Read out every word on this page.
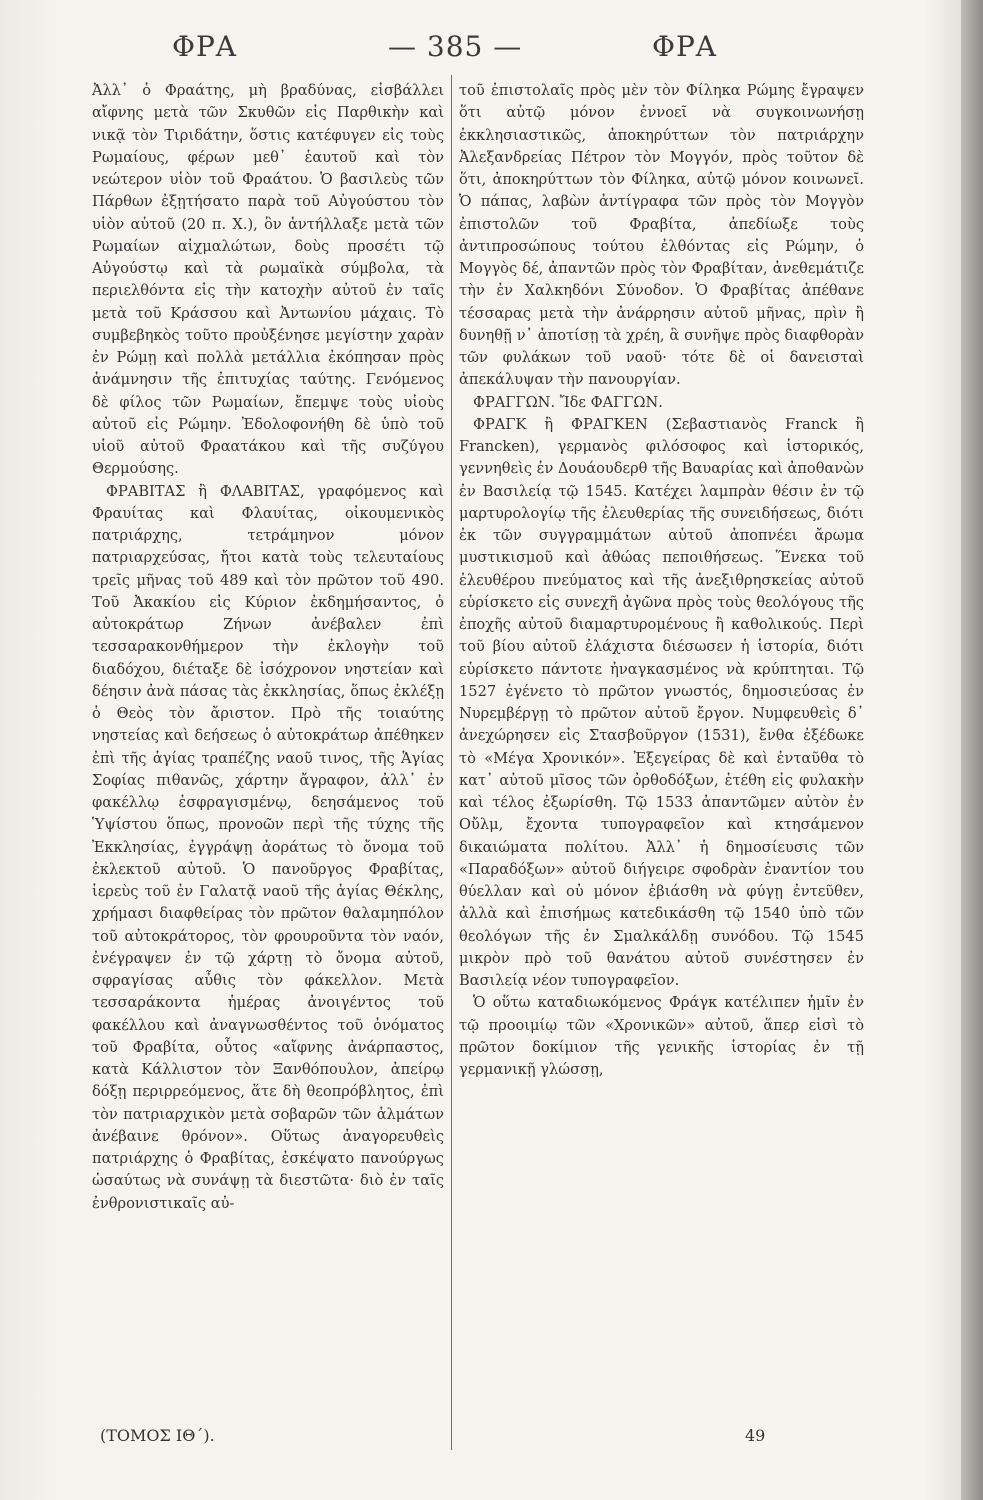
ΦΡΑ	— 385 —	ΦΡΑ

Ἀλλ᾽ ὁ Φραάτης, μὴ βραδύνας, εἰσβάλλει αἴφνης μετὰ τῶν Σκυθῶν εἰς Παρθικὴν καὶ νικᾷ τὸν Τιριδάτην, ὅστις κατέφυγεν εἰς τοὺς Ρωμαίους, φέρων μεθ᾽ ἑαυτοῦ καὶ τὸν νεώτερον υἱὸν τοῦ Φραάτου. Ὁ βασιλεὺς τῶν Πάρθων ἐξῃτήσατο παρὰ τοῦ Αὐγούστου τὸν υἱὸν αὐτοῦ (20 π. Χ.), ὃν ἀντήλλαξε μετὰ τῶν Ρωμαίων αἰχμαλώτων, δοὺς προσέτι τῷ Αὐγούστῳ καὶ τὰ ρωμαϊκὰ σύμβολα, τὰ περιελθόντα εἰς τὴν κατοχὴν αὐτοῦ ἐν ταῖς μετὰ τοῦ Κράσσου καὶ Ἀντωνίου μάχαις. Τὸ συμβεβηκὸς τοῦτο προὐξένησε μεγίστην χαρὰν ἐν Ρώμῃ καὶ πολλὰ μετάλλια ἐκόπησαν πρὸς ἀνάμνησιν τῆς ἐπιτυχίας ταύτης. Γενόμενος δὲ φίλος τῶν Ρωμαίων, ἔπεμψε τοὺς υἱοὺς αὐτοῦ εἰς Ρώμην. Ἐδολοφονήθη δὲ ὑπὸ τοῦ υἱοῦ αὐτοῦ Φραατάκου καὶ τῆς συζύγου Θερμούσης.

ΦΡΑΒΙΤΑΣ ἢ ΦΛΑΒΙΤΑΣ, γραφόμενος καὶ Φραυίτας καὶ Φλαυίτας, οἰκουμενικὸς πατριάρχης, τετράμηνον μόνον πατριαρχεύσας, ἤτοι κατὰ τοὺς τελευταίους τρεῖς μῆνας τοῦ 489 καὶ τὸν πρῶτον τοῦ 490. Τοῦ Ἀκακίου εἰς Κύριον ἐκδημήσαντος, ὁ αὐτοκράτωρ Ζήνων ἀνέβαλεν ἐπὶ τεσσαρακονθήμερον τὴν ἐκλογὴν τοῦ διαδόχου, διέταξε δὲ ἰσόχρονον νηστείαν καὶ δέησιν ἀνὰ πάσας τὰς ἐκκλησίας, ὅπως ἐκλέξῃ ὁ Θεὸς τὸν ἄριστον. Πρὸ τῆς τοιαύτης νηστείας καὶ δεήσεως ὁ αὐτοκράτωρ ἀπέθηκεν ἐπὶ τῆς ἁγίας τραπέζης ναοῦ τινος, τῆς Ἁγίας Σοφίας πιθανῶς, χάρτην ἄγραφον, ἀλλ᾽ ἐν φακέλλῳ ἐσφραγισμένῳ, δεησάμενος τοῦ Ὑψίστου ὅπως, προνοῶν περὶ τῆς τύχης τῆς Ἐκκλησίας, ἐγγράψῃ ἀοράτως τὸ ὄνομα τοῦ ἐκλεκτοῦ αὐτοῦ. Ὁ πανοῦργος Φραβίτας, ἱερεὺς τοῦ ἐν Γαλατᾷ ναοῦ τῆς ἁγίας Θέκλης, χρήμασι διαφθείρας τὸν πρῶτον θαλαμηπόλον τοῦ αὐτοκράτορος, τὸν φρουροῦντα τὸν ναόν, ἐνέγραψεν ἐν τῷ χάρτῃ τὸ ὄνομα αὐτοῦ, σφραγίσας αὖθις τὸν φάκελλον. Μετὰ τεσσαράκοντα ἡμέρας ἀνοιγέντος τοῦ φακέλλου καὶ ἀναγνωσθέντος τοῦ ὀνόματος τοῦ Φραβίτα, οὗτος «αἴφνης ἀνάρπαστος, κατὰ Κάλλιστον τὸν Ξανθόπουλον, ἀπείρῳ δόξῃ περιρρεόμενος, ἅτε δὴ θεοπρόβλητος, ἐπὶ τὸν πατριαρχικὸν μετὰ σοβαρῶν τῶν ἁλμάτων ἀνέβαινε θρόνον». Οὕτως ἀναγορευθεὶς πατριάρχης ὁ Φραβίτας, ἐσκέψατο πανούργως ὡσαύτως νὰ συνάψῃ τὰ διεστῶτα· διὸ ἐν ταῖς ἐνθρονιστικαῖς αὐ-

τοῦ ἐπιστολαῖς πρὸς μὲν τὸν Φίληκα Ρώμης ἔγραψεν ὅτι αὐτῷ μόνον ἐννοεῖ νὰ συγκοινωνήσῃ ἐκκλησιαστικῶς, ἀποκηρύττων τὸν πατριάρχην Ἀλεξανδρείας Πέτρον τὸν Μογγόν, πρὸς τοῦτον δὲ ὅτι, ἀποκηρύττων τὸν Φίληκα, αὐτῷ μόνον κοινωνεῖ. Ὁ πάπας, λαβὼν ἀντίγραφα τῶν πρὸς τὸν Μογγὸν ἐπιστολῶν τοῦ Φραβίτα, ἀπεδίωξε τοὺς ἀντιπροσώπους τούτου ἐλθόντας εἰς Ρώμην, ὁ Μογγὸς δέ, ἀπαντῶν πρὸς τὸν Φραβίταν, ἀνεθεμάτιζε τὴν ἐν Χαλκηδόνι Σύνοδον. Ὁ Φραβίτας ἀπέθανε τέσσαρας μετὰ τὴν ἀνάρρησιν αὐτοῦ μῆνας, πρὶν ἢ δυνηθῇ ν᾽ ἀποτίσῃ τὰ χρέη, ἃ συνῆψε πρὸς διαφθορὰν τῶν φυλάκων τοῦ ναοῦ· τότε δὲ οἱ δανεισταὶ ἀπεκάλυψαν τὴν πανουργίαν.

ΦΡΑΓΓΩΝ. Ἴδε ΦΑΓΓΩΝ.

ΦΡΑΓΚ ἢ ΦΡΑΓΚΕΝ (Σεβαστιανὸς Franck ἢ Francken), γερμανὸς φιλόσοφος καὶ ἱστορικός, γεννηθεὶς ἐν Δουάουδερθ τῆς Βαυαρίας καὶ ἀποθανὼν ἐν Βασιλείᾳ τῷ 1545. Κατέχει λαμπρὰν θέσιν ἐν τῷ μαρτυρολογίῳ τῆς ἐλευθερίας τῆς συνειδήσεως, διότι ἐκ τῶν συγγραμμάτων αὐτοῦ ἀποπνέει ἄρωμα μυστικισμοῦ καὶ ἀθώας πεποιθήσεως. Ἕνεκα τοῦ ἐλευθέρου πνεύματος καὶ τῆς ἀνεξιθρησκείας αὐτοῦ εὑρίσκετο εἰς συνεχῆ ἀγῶνα πρὸς τοὺς θεολόγους τῆς ἐποχῆς αὐτοῦ διαμαρτυρομένους ἢ καθολικούς. Περὶ τοῦ βίου αὐτοῦ ἐλάχιστα διέσωσεν ἡ ἱστορία, διότι εὑρίσκετο πάντοτε ἠναγκασμένος νὰ κρύπτηται. Τῷ 1527 ἐγένετο τὸ πρῶτον γνωστός, δημοσιεύσας ἐν Νυρεμβέργῃ τὸ πρῶτον αὐτοῦ ἔργον. Νυμφευθεὶς δ᾽ ἀνεχώρησεν εἰς Στασβοῦργον (1531), ἔνθα ἐξέδωκε τὸ «Μέγα Χρονικόν». Ἐξεγείρας δὲ καὶ ἐνταῦθα τὸ κατ᾽ αὐτοῦ μῖσος τῶν ὀρθοδόξων, ἐτέθη εἰς φυλακὴν καὶ τέλος ἐξωρίσθη. Τῷ 1533 ἀπαντῶμεν αὐτὸν ἐν Οὔλμ, ἔχοντα τυπογραφεῖον καὶ κτησάμενον δικαιώματα πολίτου. Ἀλλ᾽ ἡ δημοσίευσις τῶν «Παραδόξων» αὐτοῦ διήγειρε σφοδρὰν ἐναντίον του θύελλαν καὶ οὐ μόνον ἐβιάσθη νὰ φύγῃ ἐντεῦθεν, ἀλλὰ καὶ ἐπισήμως κατεδικάσθη τῷ 1540 ὑπὸ τῶν θεολόγων τῆς ἐν Σμαλκάλδῃ συνόδου. Τῷ 1545 μικρὸν πρὸ τοῦ θανάτου αὐτοῦ συνέστησεν ἐν Βασιλείᾳ νέον τυπογραφεῖον.

Ὁ οὕτω καταδιωκόμενος Φράγκ κατέλιπεν ἡμῖν ἐν τῷ προοιμίῳ τῶν «Χρονικῶν» αὐτοῦ, ἅπερ εἰσὶ τὸ πρῶτον δοκίμιον τῆς γενικῆς ἱστορίας ἐν τῇ γερμανικῇ γλώσσῃ,

(ΤΟΜΟΣ ΙΘ΄).	49
